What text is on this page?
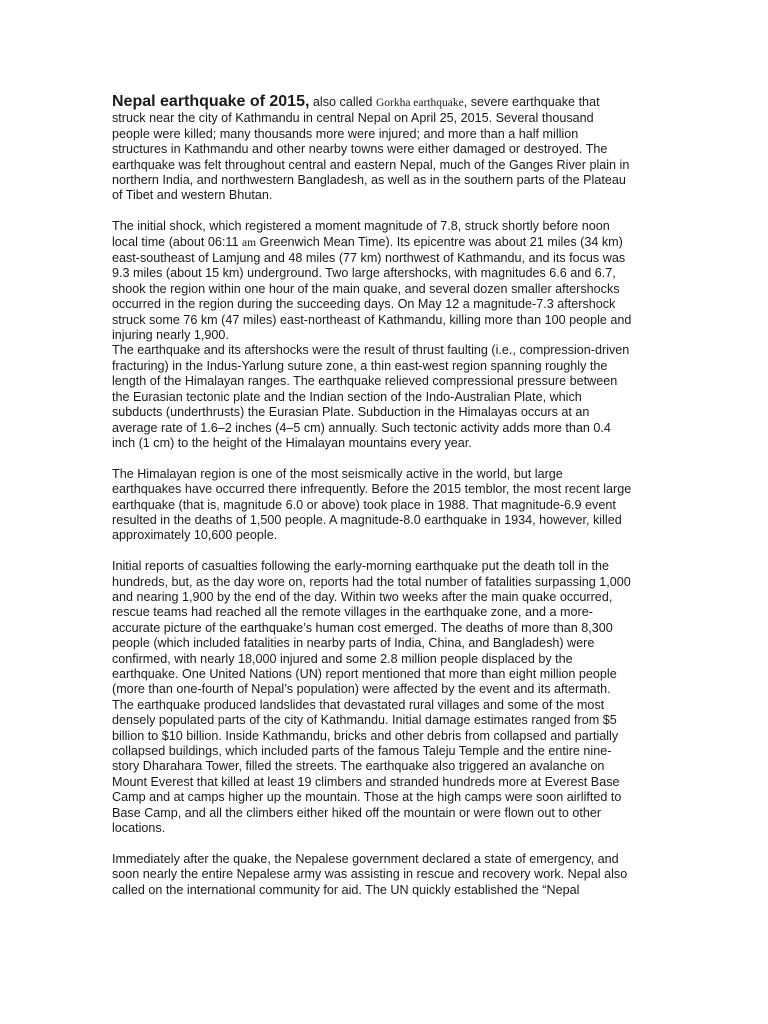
Nepal earthquake of 2015, also called Gorkha earthquake, severe earthquake that struck near the city of Kathmandu in central Nepal on April 25, 2015. Several thousand people were killed; many thousands more were injured; and more than a half million structures in Kathmandu and other nearby towns were either damaged or destroyed. The earthquake was felt throughout central and eastern Nepal, much of the Ganges River plain in northern India, and northwestern Bangladesh, as well as in the southern parts of the Plateau of Tibet and western Bhutan.

The initial shock, which registered a moment magnitude of 7.8, struck shortly before noon local time (about 06:11 am Greenwich Mean Time). Its epicentre was about 21 miles (34 km) east-southeast of Lamjung and 48 miles (77 km) northwest of Kathmandu, and its focus was 9.3 miles (about 15 km) underground. Two large aftershocks, with magnitudes 6.6 and 6.7, shook the region within one hour of the main quake, and several dozen smaller aftershocks occurred in the region during the succeeding days. On May 12 a magnitude-7.3 aftershock struck some 76 km (47 miles) east-northeast of Kathmandu, killing more than 100 people and injuring nearly 1,900.

The earthquake and its aftershocks were the result of thrust faulting (i.e., compression-driven fracturing) in the Indus-Yarlung suture zone, a thin east-west region spanning roughly the length of the Himalayan ranges. The earthquake relieved compressional pressure between the Eurasian tectonic plate and the Indian section of the Indo-Australian Plate, which subducts (underthrusts) the Eurasian Plate. Subduction in the Himalayas occurs at an average rate of 1.6–2 inches (4–5 cm) annually. Such tectonic activity adds more than 0.4 inch (1 cm) to the height of the Himalayan mountains every year.

The Himalayan region is one of the most seismically active in the world, but large earthquakes have occurred there infrequently. Before the 2015 temblor, the most recent large earthquake (that is, magnitude 6.0 or above) took place in 1988. That magnitude-6.9 event resulted in the deaths of 1,500 people. A magnitude-8.0 earthquake in 1934, however, killed approximately 10,600 people.

Initial reports of casualties following the early-morning earthquake put the death toll in the hundreds, but, as the day wore on, reports had the total number of fatalities surpassing 1,000 and nearing 1,900 by the end of the day. Within two weeks after the main quake occurred, rescue teams had reached all the remote villages in the earthquake zone, and a more-accurate picture of the earthquake’s human cost emerged. The deaths of more than 8,300 people (which included fatalities in nearby parts of India, China, and Bangladesh) were confirmed, with nearly 18,000 injured and some 2.8 million people displaced by the earthquake. One United Nations (UN) report mentioned that more than eight million people (more than one-fourth of Nepal’s population) were affected by the event and its aftermath. The earthquake produced landslides that devastated rural villages and some of the most densely populated parts of the city of Kathmandu. Initial damage estimates ranged from $5 billion to $10 billion. Inside Kathmandu, bricks and other debris from collapsed and partially collapsed buildings, which included parts of the famous Taleju Temple and the entire nine-story Dharahara Tower, filled the streets. The earthquake also triggered an avalanche on Mount Everest that killed at least 19 climbers and stranded hundreds more at Everest Base Camp and at camps higher up the mountain. Those at the high camps were soon airlifted to Base Camp, and all the climbers either hiked off the mountain or were flown out to other locations.

Immediately after the quake, the Nepalese government declared a state of emergency, and soon nearly the entire Nepalese army was assisting in rescue and recovery work. Nepal also called on the international community for aid. The UN quickly established the “Nepal
